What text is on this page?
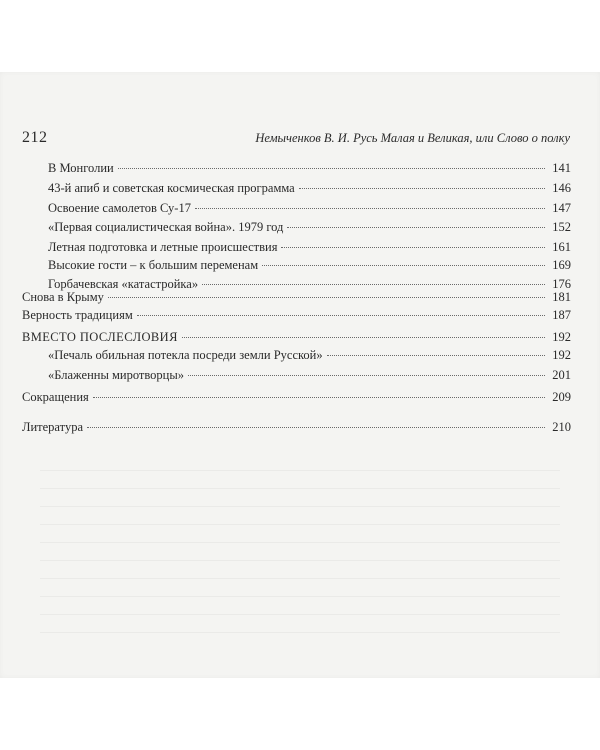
212	Немыченков В. И. Русь Малая и Великая, или Слово о полку
В Монголии	141
43-й апиб и советская космическая программа	146
Освоение самолетов Су-17	147
«Первая социалистическая война». 1979 год	152
Летная подготовка и летные происшествия	161
Высокие гости – к большим переменам	169
Горбачевская «катастройка»	176
Снова в Крыму	181
Верность традициям	187
ВМЕСТО ПОСЛЕСЛОВИЯ	192
«Печаль обильная потекла посреди земли Русской»	192
«Блаженны миротворцы»	201
Сокращения	209
Литература	210
